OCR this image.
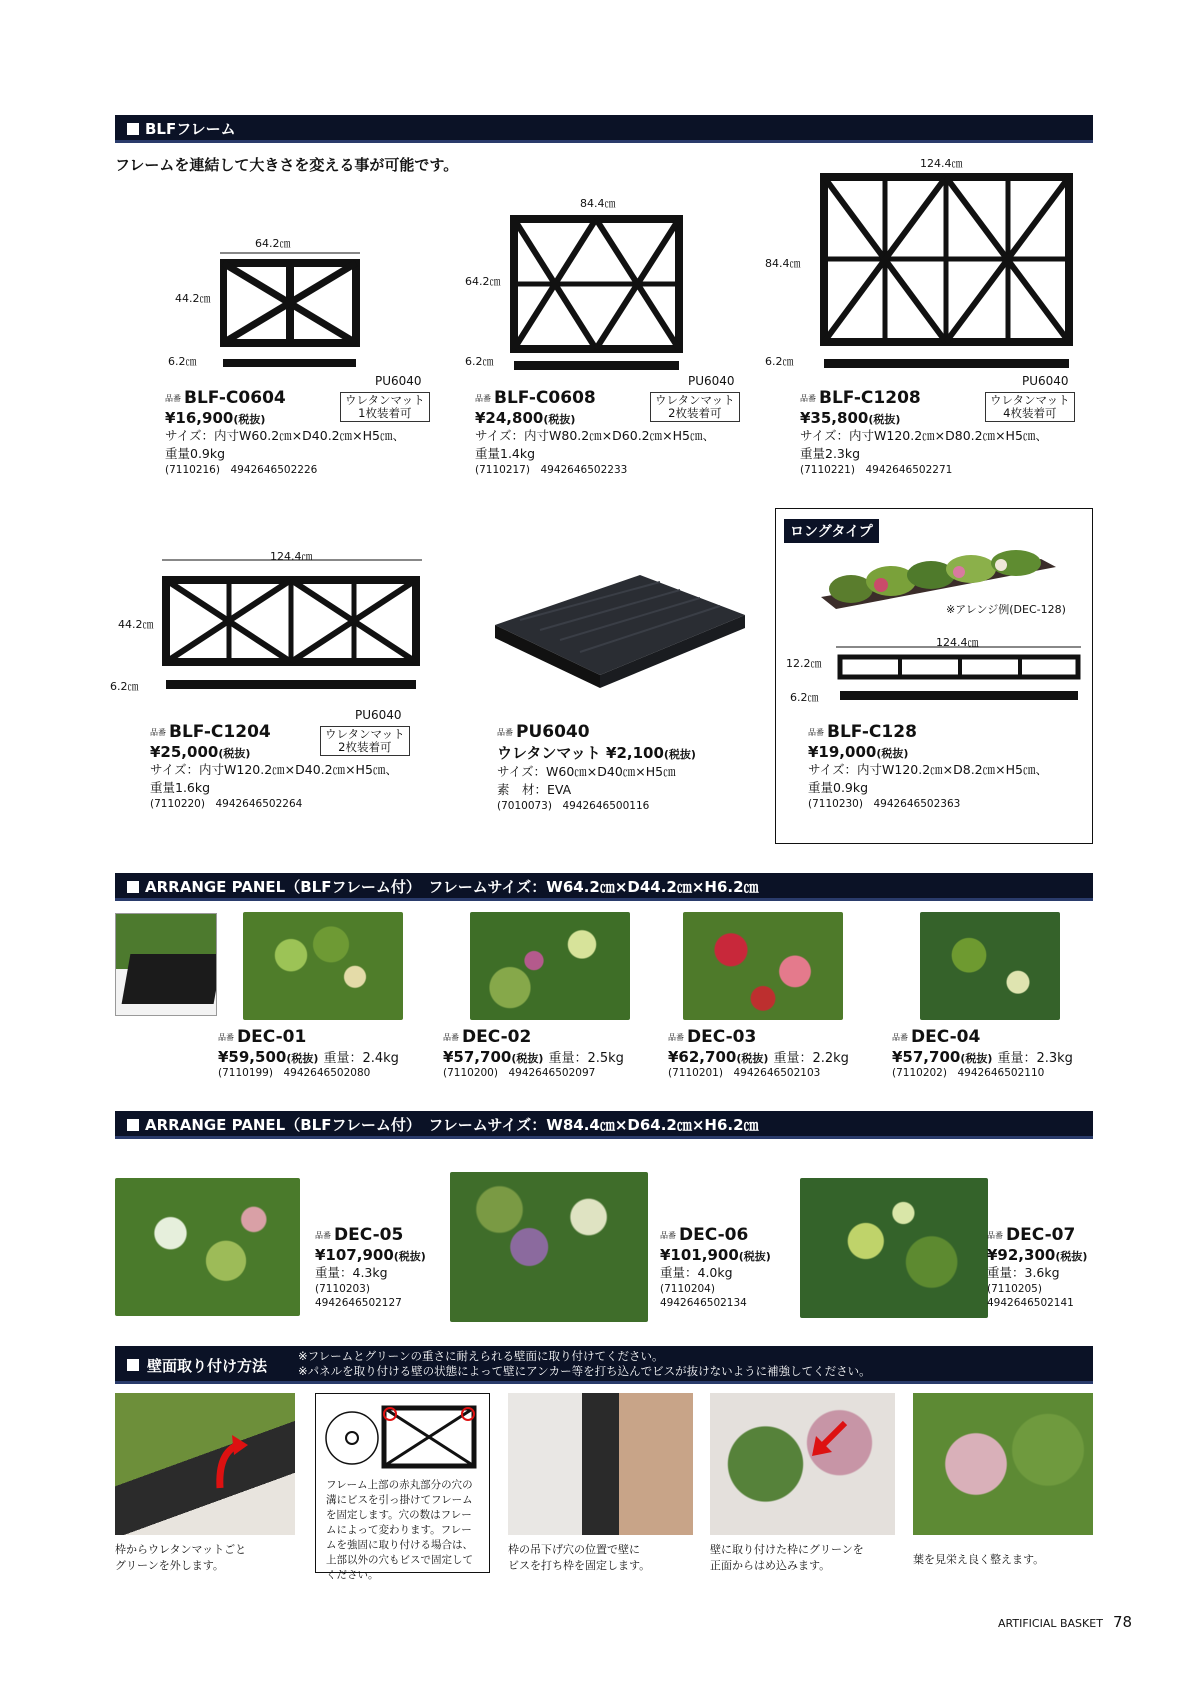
BLFフレーム
フレームを連結して大きさを変える事が可能です。
64.2㎝
44.2㎝
6.2㎝
84.4㎝
64.2㎝
6.2㎝
124.4㎝
84.4㎝
6.2㎝
PU6040
ウレタンマット
1枚装着可
品番 BLF-C0604
¥16,900(税抜)
サイズ：内寸W60.2㎝×D40.2㎝×H5㎝、
重量0.9kg
(7110216)　4942646502226
PU6040
ウレタンマット
2枚装着可
品番 BLF-C0608
¥24,800(税抜)
サイズ：内寸W80.2㎝×D60.2㎝×H5㎝、
重量1.4kg
(7110217)　4942646502233
PU6040
ウレタンマット
4枚装着可
品番 BLF-C1208
¥35,800(税抜)
サイズ：内寸W120.2㎝×D80.2㎝×H5㎝、
重量2.3kg
(7110221)　4942646502271
124.4㎝
44.2㎝
6.2㎝
ロングタイプ
※アレンジ例(DEC-128)
124.4㎝
12.2㎝
6.2㎝
PU6040
ウレタンマット
2枚装着可
品番 BLF-C1204
¥25,000(税抜)
サイズ：内寸W120.2㎝×D40.2㎝×H5㎝、
重量1.6kg
(7110220)　4942646502264
品番 PU6040
ウレタンマット ¥2,100(税抜)
サイズ：W60㎝×D40㎝×H5㎝
素　材：EVA
(7010073)　4942646500116
品番 BLF-C128
¥19,000(税抜)
サイズ：内寸W120.2㎝×D8.2㎝×H5㎝、
重量0.9kg
(7110230)　4942646502363
ARRANGE PANEL（BLFフレーム付）　フレームサイズ：W64.2㎝×D44.2㎝×H6.2㎝
品番 DEC-01
¥59,500(税抜) 重量：2.4kg
(7110199)　4942646502080
品番 DEC-02
¥57,700(税抜) 重量：2.5kg
(7110200)　4942646502097
品番 DEC-03
¥62,700(税抜) 重量：2.2kg
(7110201)　4942646502103
品番 DEC-04
¥57,700(税抜) 重量：2.3kg
(7110202)　4942646502110
ARRANGE PANEL（BLFフレーム付）　フレームサイズ：W84.4㎝×D64.2㎝×H6.2㎝
品番 DEC-05
¥107,900(税抜)
重量：4.3kg
(7110203)
4942646502127
品番 DEC-06
¥101,900(税抜)
重量：4.0kg
(7110204)
4942646502134
品番 DEC-07
¥92,300(税抜)
重量：3.6kg
(7110205)
4942646502141
壁面取り付け方法
※フレームとグリーンの重さに耐えられる壁面に取り付けてください。
※パネルを取り付ける壁の状態によって壁にアンカー等を打ち込んでビスが抜けないように補強してください。
枠からウレタンマットごと
グリーンを外します。
フレーム上部の赤丸部分の穴の溝にビスを引っ掛けてフレームを固定します。穴の数はフレームによって変わります。フレームを強固に取り付ける場合は、上部以外の穴もビスで固定してください。
枠の吊下げ穴の位置で壁に
ビスを打ち枠を固定します。
壁に取り付けた枠にグリーンを
正面からはめ込みます。	葉を見栄え良く整えます。
ARTIFICIAL BASKET 78
